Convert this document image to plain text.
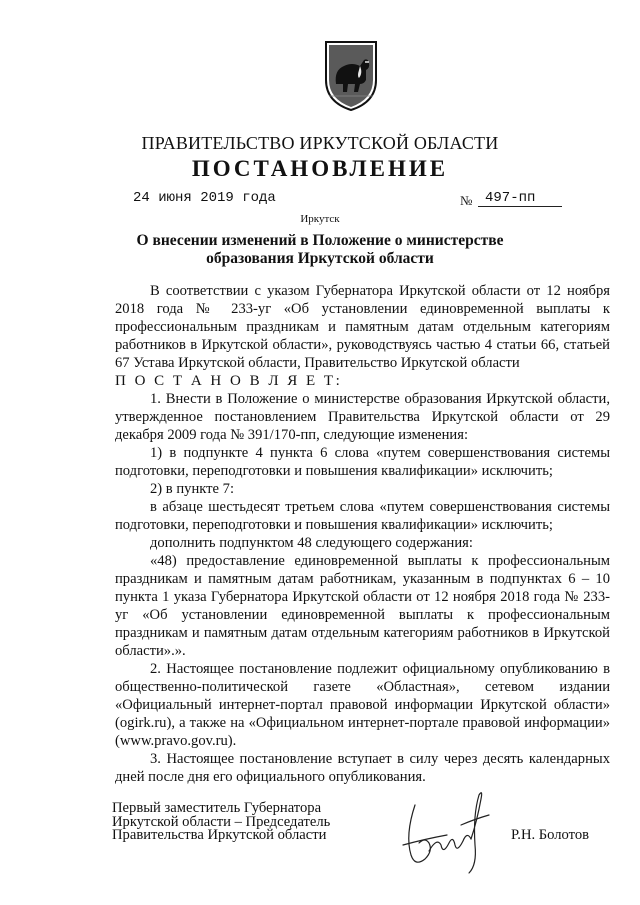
ПРАВИТЕЛЬСТВО ИРКУТСКОЙ ОБЛАСТИ
ПОСТАНОВЛЕНИЕ
24 июня 2019 года	№ 497-пп
Иркутск
О внесении изменений в Положение о министерстве образования Иркутской области

В соответствии с указом Губернатора Иркутской области от 12 ноября 2018 года № 233-уг «Об установлении единовременной выплаты к профессиональным праздникам и памятным датам отдельным категориям работников в Иркутской области», руководствуясь частью 4 статьи 66, статьей 67 Устава Иркутской области, Правительство Иркутской области

П О С Т А Н О В Л Я Е Т:

1. Внести в Положение о министерстве образования Иркутской области, утвержденное постановлением Правительства Иркутской области от 29 декабря 2009 года № 391/170-пп, следующие изменения:

1) в подпункте 4 пункта 6 слова «путем совершенствования системы подготовки, переподготовки и повышения квалификации» исключить;

2) в пункте 7:

в абзаце шестьдесят третьем слова «путем совершенствования системы подготовки, переподготовки и повышения квалификации» исключить;

дополнить подпунктом 48 следующего содержания:

«48) предоставление единовременной выплаты к профессиональным праздникам и памятным датам работникам, указанным в подпунктах 6 – 10 пункта 1 указа Губернатора Иркутской области от 12 ноября 2018 года № 233-уг «Об установлении единовременной выплаты к профессиональным праздникам и памятным датам отдельным категориям работников в Иркутской области».».

2. Настоящее постановление подлежит официальному опубликованию в общественно-политической газете «Областная», сетевом издании «Официальный интернет-портал правовой информации Иркутской области» (ogirk.ru), а также на «Официальном интернет-портале правовой информации» (www.pravo.gov.ru).

3. Настоящее постановление вступает в силу через десять календарных дней после дня его официального опубликования.

Первый заместитель Губернатора
Иркутской области – Председатель
Правительства Иркутской области	Р.Н. Болотов
